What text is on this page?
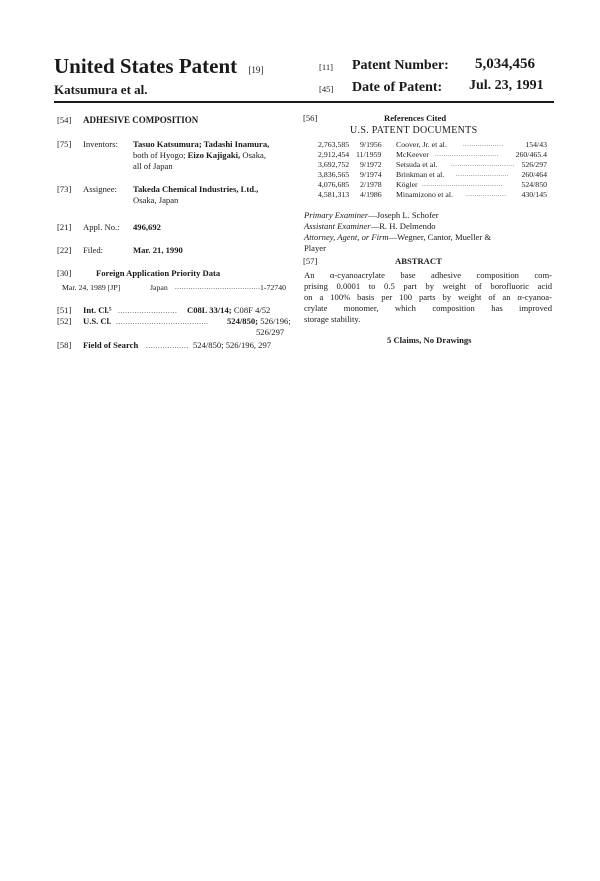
United States Patent [19]
Katsumura et al.
[11] Patent Number: 5,034,456
[45] Date of Patent: Jul. 23, 1991
[54] ADHESIVE COMPOSITION
[75] Inventors: Tasuo Katsumura; Tadashi Inamura,
both of Hyogo; Eizo Kajigaki, Osaka,
all of Japan
[73] Assignee: Takeda Chemical Industries, Ltd.,
Osaka, Japan
[21] Appl. No.: 496,692
[22] Filed:	Mar. 21, 1990
[30]	Foreign Application Priority Data
Mar. 24, 1989 [JP]	Japan ...................................... 1-72740
[51] Int. Cl.⁵ ......................... C08L 33/14; C08F 4/52
[52] U.S. Cl. ....................................... 524/850; 526/196;
526/297
[58] Field of Search .................. 524/850; 526/196, 297
[56]	References Cited
U.S. PATENT DOCUMENTS
2,763,585 9/1956 Coover, Jr. et al. ...................	154/43
2,912,454 11/1959 McKeever .............................. 260/465.4
3,692,752 9/1972 Setsuda et al. .............................. 526/297
3,836,565 9/1974 Brinkman et al. ......................... 260/464
4,076,685 2/1978 Kögler ...................................... 524/850
4,581,313 4/1986 Minamizono et al. ................... 430/145
Primary Examiner—Joseph L. Schofer
Assistant Examiner—R. H. Delmendo
Attorney, Agent, or Firm—Wegner, Cantor, Mueller &
Player
[57]	ABSTRACT
An α-cyanoacrylate base adhesive composition com-
prising 0.0001 to 0.5 part by weight of borofluoric acid
on a 100% basis per 100 parts by weight of an α-cyanoa-
crylate monomer, which composition has improved
storage stability.
5 Claims, No Drawings
